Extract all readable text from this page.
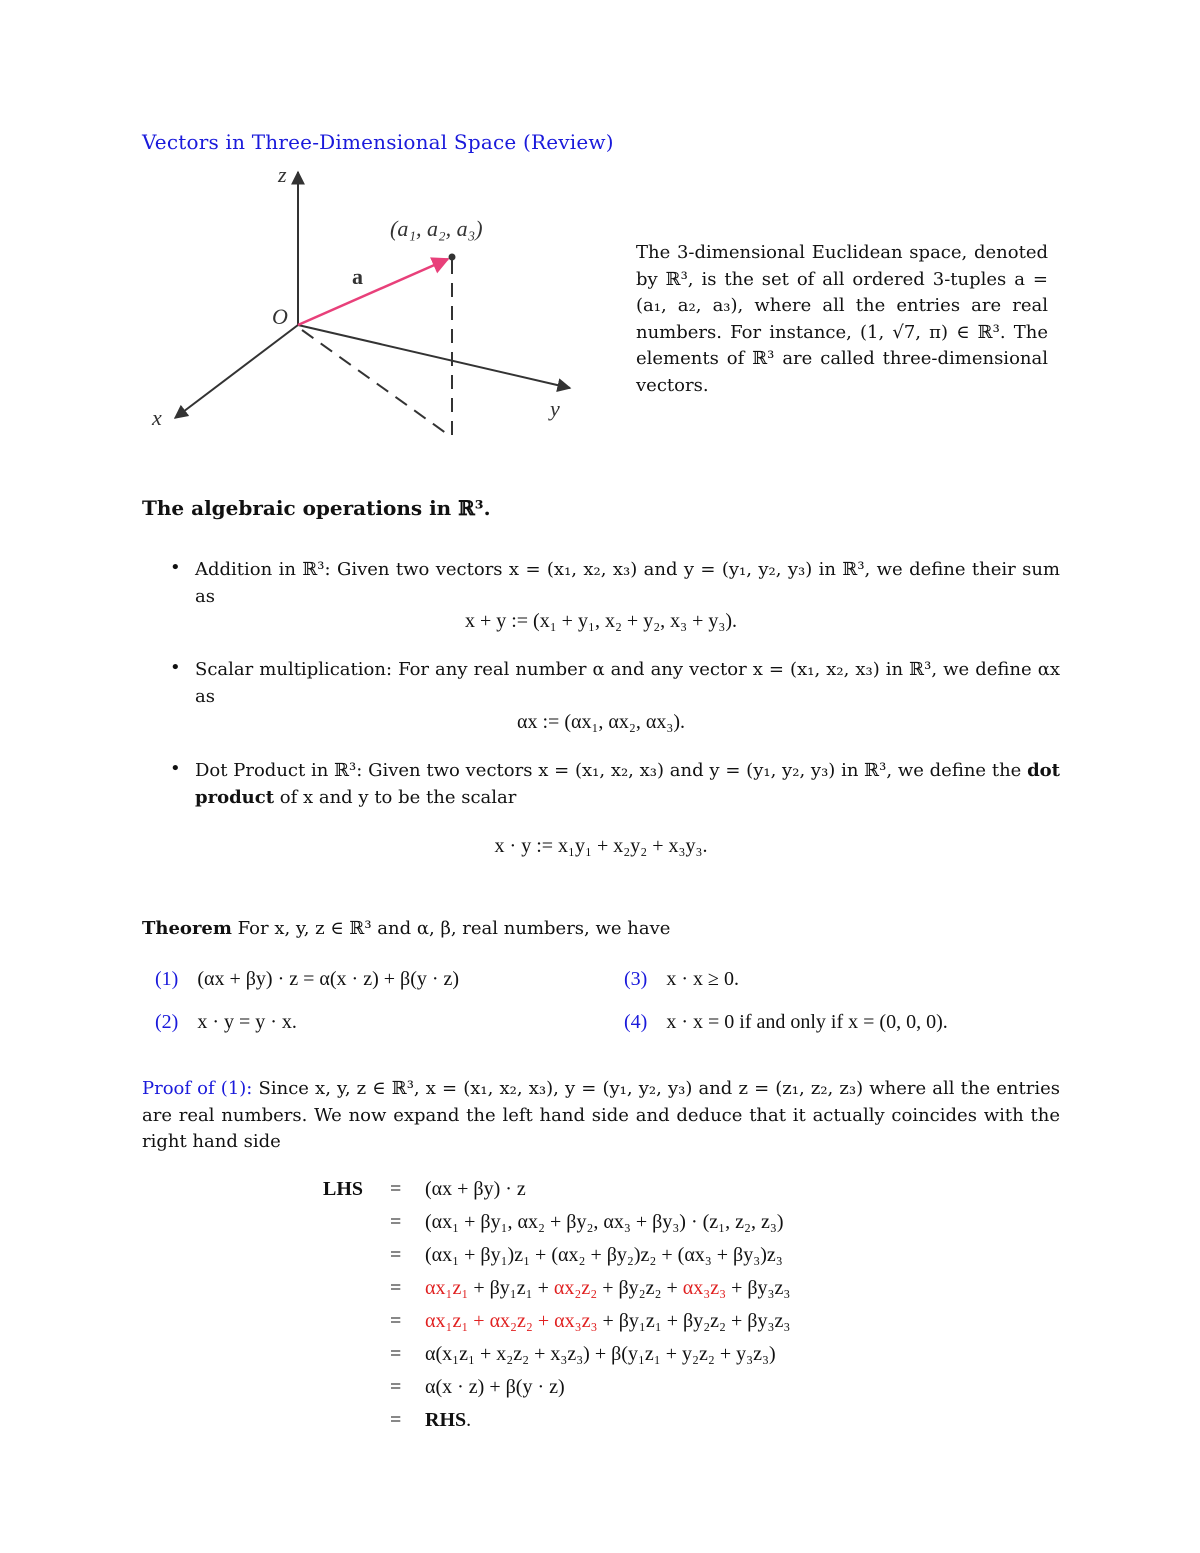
Vectors in Three-Dimensional Space (Review)
z
y
x
O
(a₁, a₂, a₃)
a
The 3-dimensional Euclidean space, denoted by ℝ³, is the set of all ordered 3-tuples a = (a₁, a₂, a₃), where all the entries are real numbers. For instance, (1, √7, π) ∈ ℝ³. The elements of ℝ³ are called three-dimensional vectors.
The algebraic operations in ℝ³.
• Addition in ℝ³: Given two vectors x = (x₁, x₂, x₃) and y = (y₁, y₂, y₃) in ℝ³, we define their sum as
x + y := (x₁ + y₁, x₂ + y₂, x₃ + y₃).
• Scalar multiplication: For any real number α and any vector x = (x₁, x₂, x₃) in ℝ³, we define αx as
αx := (αx₁, αx₂, αx₃).
• Dot Product in ℝ³: Given two vectors x = (x₁, x₂, x₃) and y = (y₁, y₂, y₃) in ℝ³, we define the dot product of x and y to be the scalar
x · y := x₁y₁ + x₂y₂ + x₃y₃.
Theorem For x, y, z ∈ ℝ³ and α, β, real numbers, we have
(1) (αx + βy) · z = α(x · z) + β(y · z)	(3) x · x ≥ 0.
(2) x · y = y · x.	(4) x · x = 0 if and only if x = (0, 0, 0).
Proof of (1): Since x, y, z ∈ ℝ³, x = (x₁, x₂, x₃), y = (y₁, y₂, y₃) and z = (z₁, z₂, z₃) where all the entries are real numbers. We now expand the left hand side and deduce that it actually coincides with the right hand side
LHS = (αx + βy) · z
= (αx₁ + βy₁, αx₂ + βy₂, αx₃ + βy₃) · (z₁, z₂, z₃)
= (αx₁ + βy₁)z₁ + (αx₂ + βy₂)z₂ + (αx₃ + βy₃)z₃
= αx₁z₁ + βy₁z₁ + αx₂z₂ + βy₂z₂ + αx₃z₃ + βy₃z₃
= αx₁z₁ + αx₂z₂ + αx₃z₃ + βy₁z₁ + βy₂z₂ + βy₃z₃
= α(x₁z₁ + x₂z₂ + x₃z₃) + β(y₁z₁ + y₂z₂ + y₃z₃)
= α(x · z) + β(y · z)
= RHS.
